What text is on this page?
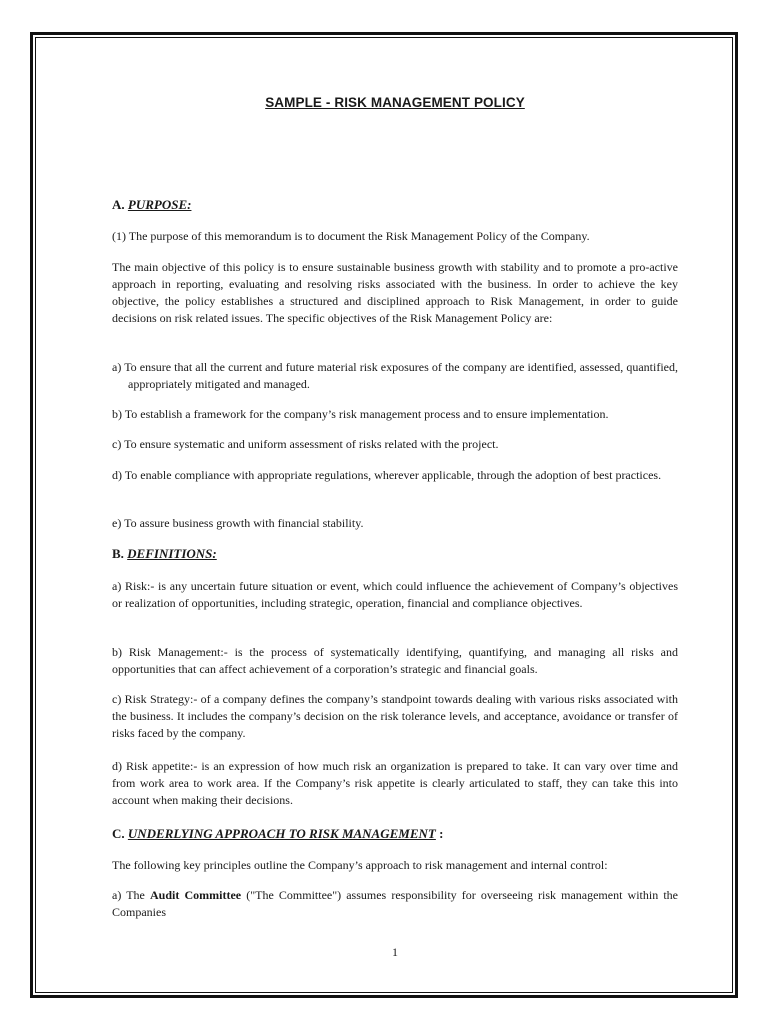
SAMPLE - RISK MANAGEMENT POLICY
A. PURPOSE:

(1) The purpose of this memorandum is to document the Risk Management Policy of the Company.

The main objective of this policy is to ensure sustainable business growth with stability and to promote a pro-active approach in reporting, evaluating and resolving risks associated with the business. In order to achieve the key objective, the policy establishes a structured and disciplined approach to Risk Management, in order to guide decisions on risk related issues. The specific objectives of the Risk Management Policy are:

a) To ensure that all the current and future material risk exposures of the company are identified, assessed, quantified, appropriately mitigated and managed.

b) To establish a framework for the company’s risk management process and to ensure implementation.

c) To ensure systematic and uniform assessment of risks related with the project.

d) To enable compliance with appropriate regulations, wherever applicable, through the adoption of best practices.

e) To assure business growth with financial stability.

B. DEFINITIONS:

a) Risk:- is any uncertain future situation or event, which could influence the achievement of Company’s objectives or realization of opportunities, including strategic, operation, financial and compliance objectives.

b) Risk Management:- is the process of systematically identifying, quantifying, and managing all risks and opportunities that can affect achievement of a corporation’s strategic and financial goals.

c) Risk Strategy:- of a company defines the company’s standpoint towards dealing with various risks associated with the business. It includes the company’s decision on the risk tolerance levels, and acceptance, avoidance or transfer of risks faced by the company.

d) Risk appetite:- is an expression of how much risk an organization is prepared to take. It can vary over time and from work area to work area. If the Company’s risk appetite is clearly articulated to staff, they can take this into account when making their decisions.

C. UNDERLYING APPROACH TO RISK MANAGEMENT :

The following key principles outline the Company’s approach to risk management and internal control:

a) The Audit Committee ("The Committee") assumes responsibility for overseeing risk management within the Companies

1
